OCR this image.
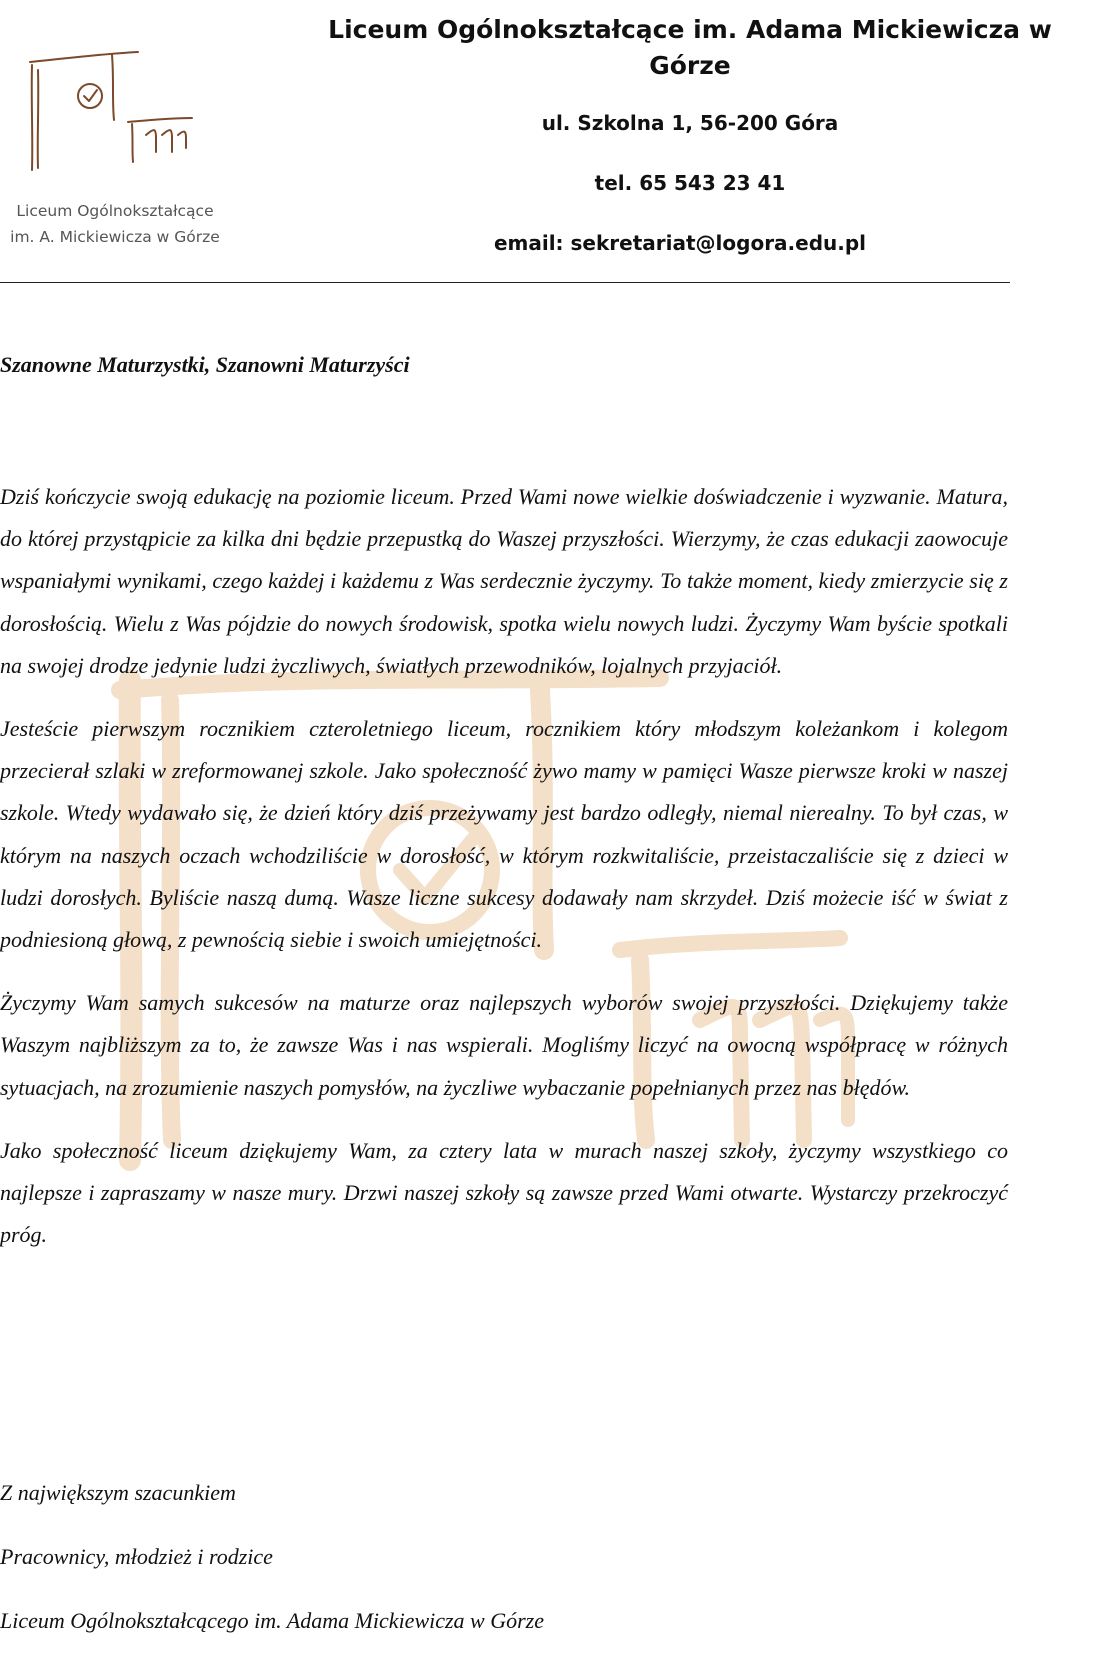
Liceum Ogólnokształcące
im. A. Mickiewicza w Górze

Liceum Ogólnokształcące im. Adama Mickiewicza w Górze

ul. Szkolna 1, 56-200 Góra

tel. 65 543 23 41

email: sekretariat@logora.edu.pl

Szanowne Maturzystki, Szanowni Maturzyści

Dziś kończycie swoją edukację na poziomie liceum. Przed Wami nowe wielkie doświadczenie i wyzwanie. Matura, do której przystąpicie za kilka dni będzie przepustką do Waszej przyszłości. Wierzymy, że czas edukacji zaowocuje wspaniałymi wynikami, czego każdej i każdemu z Was serdecznie życzymy. To także moment, kiedy zmierzycie się z dorosłością. Wielu z Was pójdzie do nowych środowisk, spotka wielu nowych ludzi. Życzymy Wam byście spotkali na swojej drodze jedynie ludzi życzliwych, światłych przewodników, lojalnych przyjaciół.

Jesteście pierwszym rocznikiem czteroletniego liceum, rocznikiem który młodszym koleżankom i kolegom przecierał szlaki w zreformowanej szkole. Jako społeczność żywo mamy w pamięci Wasze pierwsze kroki w naszej szkole. Wtedy wydawało się, że dzień który dziś przeżywamy jest bardzo odległy, niemal nierealny. To był czas, w którym na naszych oczach wchodziliście w dorosłość, w którym rozkwitaliście, przeistaczaliście się z dzieci w ludzi dorosłych. Byliście naszą dumą. Wasze liczne sukcesy dodawały nam skrzydeł. Dziś możecie iść w świat z podniesioną głową, z pewnością siebie i swoich umiejętności.

Życzymy Wam samych sukcesów na maturze oraz najlepszych wyborów swojej przyszłości. Dziękujemy także Waszym najbliższym za to, że zawsze Was i nas wspierali. Mogliśmy liczyć na owocną współpracę w różnych sytuacjach, na zrozumienie naszych pomysłów, na życzliwe wybaczanie popełnianych przez nas błędów.

Jako społeczność liceum dziękujemy Wam, za cztery lata w murach naszej szkoły, życzymy wszystkiego co najlepsze i zapraszamy w nasze mury. Drzwi naszej szkoły są zawsze przed Wami otwarte. Wystarczy przekroczyć próg.

Z największym szacunkiem

Pracownicy, młodzież i rodzice

Liceum Ogólnokształcącego im. Adama Mickiewicza w Górze
